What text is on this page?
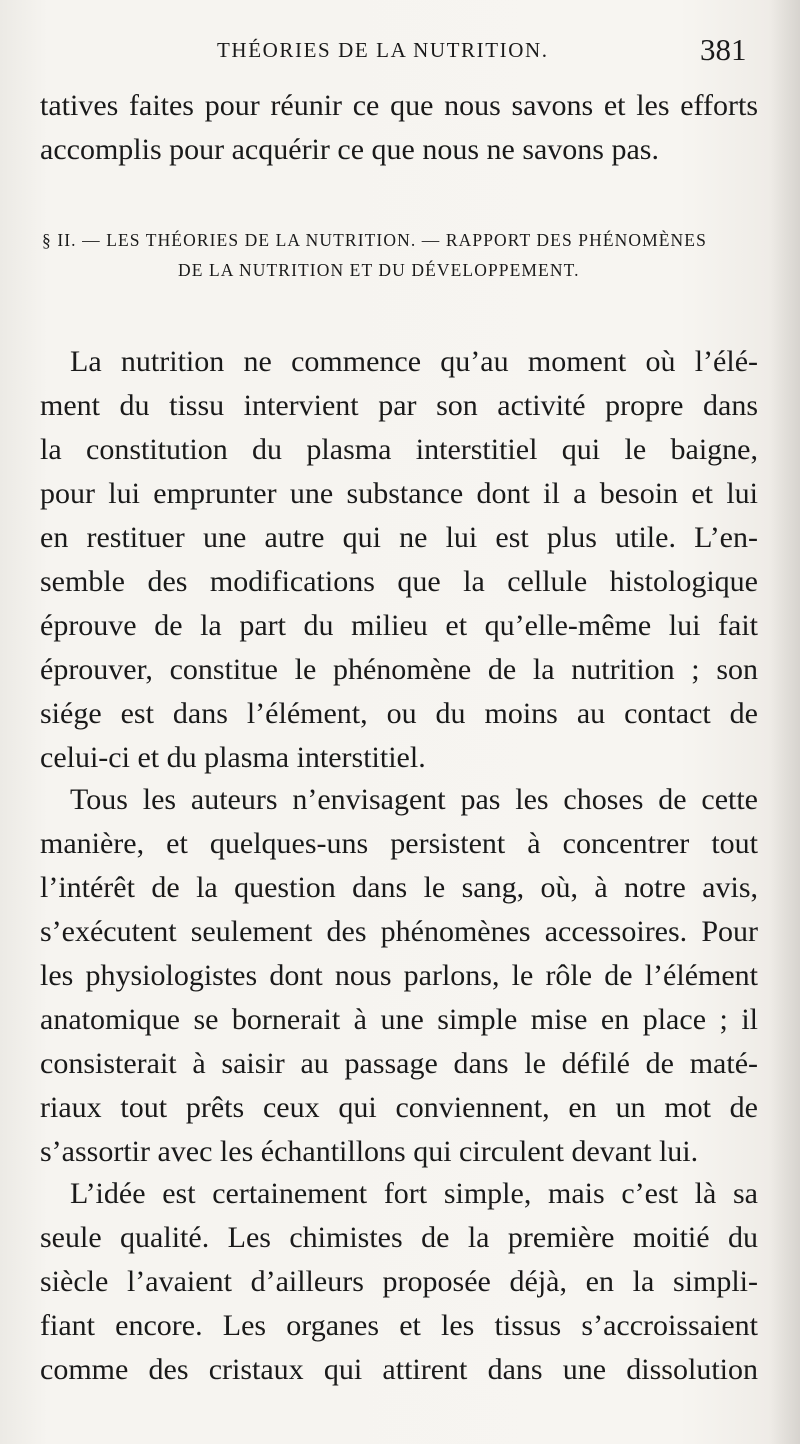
THÉORIES DE LA NUTRITION.	381
tatives faites pour réunir ce que nous savons et les efforts
accomplis pour acquérir ce que nous ne savons pas.
§ II. — LES THÉORIES DE LA NUTRITION. — RAPPORT DES PHÉNOMÈNES
DE LA NUTRITION ET DU DÉVELOPPEMENT.
La nutrition ne commence qu’au moment où l’élé-
ment du tissu intervient par son activité propre dans
la constitution du plasma interstitiel qui le baigne,
pour lui emprunter une substance dont il a besoin et lui
en restituer une autre qui ne lui est plus utile. L’en-
semble des modifications que la cellule histologique
éprouve de la part du milieu et qu’elle-même lui fait
éprouver, constitue le phénomène de la nutrition ; son
siége est dans l’élément, ou du moins au contact de
celui-ci et du plasma interstitiel.
Tous les auteurs n’envisagent pas les choses de cette
manière, et quelques-uns persistent à concentrer tout
l’intérêt de la question dans le sang, où, à notre avis,
s’exécutent seulement des phénomènes accessoires. Pour
les physiologistes dont nous parlons, le rôle de l’élément
anatomique se bornerait à une simple mise en place ; il
consisterait à saisir au passage dans le défilé de maté-
riaux tout prêts ceux qui conviennent, en un mot de
s’assortir avec les échantillons qui circulent devant lui.
L’idée est certainement fort simple, mais c’est là sa
seule qualité. Les chimistes de la première moitié du
siècle l’avaient d’ailleurs proposée déjà, en la simpli-
fiant encore. Les organes et les tissus s’accroissaient
comme des cristaux qui attirent dans une dissolution
